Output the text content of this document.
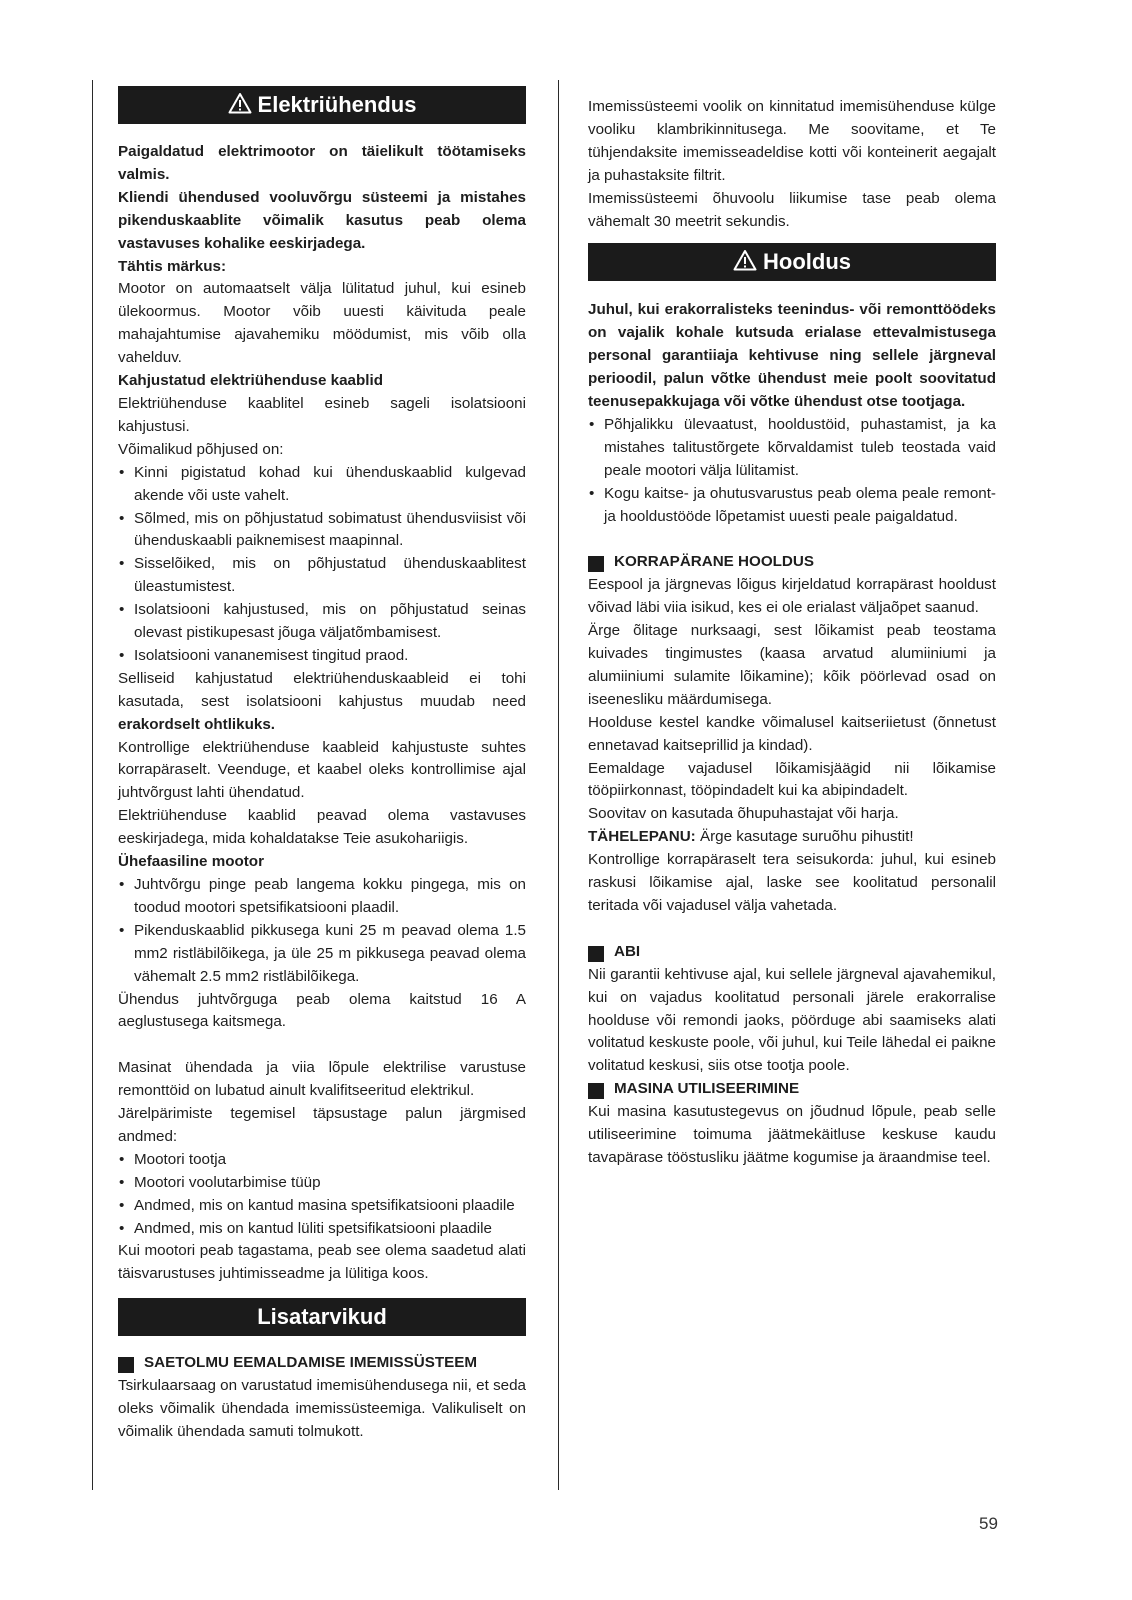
Elektriühendus

Paigaldatud elektrimootor on täielikult töötamiseks valmis.

Kliendi ühendused vooluvõrgu süsteemi ja mistahes pikenduskaablite võimalik kasutus peab olema vastavuses kohalike eeskirjadega.

Tähtis märkus:

Mootor on automaatselt välja lülitatud juhul, kui esineb ülekoormus. Mootor võib uuesti käivituda peale mahajahtumise ajavahemiku möödumist, mis võib olla vahelduv.

Kahjustatud elektriühenduse kaablid

Elektriühenduse kaablitel esineb sageli isolatsiooni kahjustusi.

Võimalikud põhjused on:

• Kinni pigistatud kohad kui ühenduskaablid kulgevad akende või uste vahelt.
• Sõlmed, mis on põhjustatud sobimatust ühendusviisist või ühenduskaabli paiknemisest maapinnal.
• Sisselõiked, mis on põhjustatud ühenduskaablitest üleastumistest.
• Isolatsiooni kahjustused, mis on põhjustatud seinas olevast pistikupesast jõuga väljatõmbamisest.
• Isolatsiooni vananemisest tingitud praod.

Selliseid kahjustatud elektriühenduskaableid ei tohi kasutada, sest isolatsiooni kahjustus muudab need erakordselt ohtlikuks.

Kontrollige elektriühenduse kaableid kahjustuste suhtes korrapäraselt. Veenduge, et kaabel oleks kontrollimise ajal juhtvõrgust lahti ühendatud.

Elektriühenduse kaablid peavad olema vastavuses eeskirjadega, mida kohaldatakse Teie asukohariigis.

Ühefaasiline mootor

• Juhtvõrgu pinge peab langema kokku pingega, mis on toodud mootori spetsifikatsiooni plaadil.
• Pikenduskaablid pikkusega kuni 25 m peavad olema 1.5 mm2 ristläbilõikega, ja üle 25 m pikkusega peavad olema vähemalt 2.5 mm2 ristläbilõikega.

Ühendus juhtvõrguga peab olema kaitstud 16 A aeglustusega kaitsmega.

Masinat ühendada ja viia lõpule elektrilise varustuse remonttöid on lubatud ainult kvalifitseeritud elektrikul.

Järelpärimiste tegemisel täpsustage palun järgmised andmed:

• Mootori tootja
• Mootori voolutarbimise tüüp
• Andmed, mis on kantud masina spetsifikatsiooni plaadile
• Andmed, mis on kantud lüliti spetsifikatsiooni plaadile

Kui mootori peab tagastama, peab see olema saadetud alati täisvarustuses juhtimisseadme ja lülitiga koos.

Lisatarvikud

SAETOLMU EEMALDAMISE IMEMISSÜSTEEM

Tsirkulaarsaag on varustatud imemisühendusega nii, et seda oleks võimalik ühendada imemissüsteemiga. Valikuliselt on võimalik ühendada samuti tolmukott.

Imemissüsteemi voolik on kinnitatud imemisühenduse külge vooliku klambrikinnitusega. Me soovitame, et Te tühjendaksite imemisseadeldise kotti või konteinerit aegajalt ja puhastaksite filtrit.

Imemissüsteemi õhuvoolu liikumise tase peab olema vähemalt 30 meetrit sekundis.

Hooldus

Juhul, kui erakorralisteks teenindus- või remonttöödeks on vajalik kohale kutsuda erialase ettevalmistusega personal garantiiaja kehtivuse ning sellele järgneval perioodil, palun võtke ühendust meie poolt soovitatud teenusepakkujaga või võtke ühendust otse tootjaga.

• Põhjalikku ülevaatust, hooldustöid, puhastamist, ja ka mistahes talitustõrgete kõrvaldamist tuleb teostada vaid peale mootori välja lülitamist.
• Kogu kaitse- ja ohutusvarustus peab olema peale remont- ja hooldustööde lõpetamist uuesti peale paigaldatud.

KORRAPÄRANE HOOLDUS

Eespool ja järgnevas lõigus kirjeldatud korrapärast hooldust võivad läbi viia isikud, kes ei ole erialast väljaõpet saanud.

Ärge õlitage nurksaagi, sest lõikamist peab teostama kuivades tingimustes (kaasa arvatud alumiiniumi ja alumiiniumi sulamite lõikamine); kõik pöörlevad osad on iseenesliku määrdumisega.

Hoolduse kestel kandke võimalusel kaitseriietust (õnnetust ennetavad kaitseprillid ja kindad).

Eemaldage vajadusel lõikamisjäägid nii lõikamise tööpiirkonnast, tööpindadelt kui ka abipindadelt.

Soovitav on kasutada õhupuhastajat või harja.

TÄHELEPANU: Ärge kasutage suruõhu pihustit!

Kontrollige korrapäraselt tera seisukorda: juhul, kui esineb raskusi lõikamise ajal, laske see koolitatud personalil teritada või vajadusel välja vahetada.

ABI

Nii garantii kehtivuse ajal, kui sellele järgneval ajavahemikul, kui on vajadus koolitatud personali järele erakorralise hoolduse või remondi jaoks, pöörduge abi saamiseks alati volitatud keskuste poole, või juhul, kui Teile lähedal ei paikne volitatud keskusi, siis otse tootja poole.

MASINA UTILISEERIMINE

Kui masina kasutustegevus on jõudnud lõpule, peab selle utiliseerimine toimuma jäätmekäitluse keskuse kaudu tavapärase tööstusliku jäätme kogumise ja äraandmise teel.

59
